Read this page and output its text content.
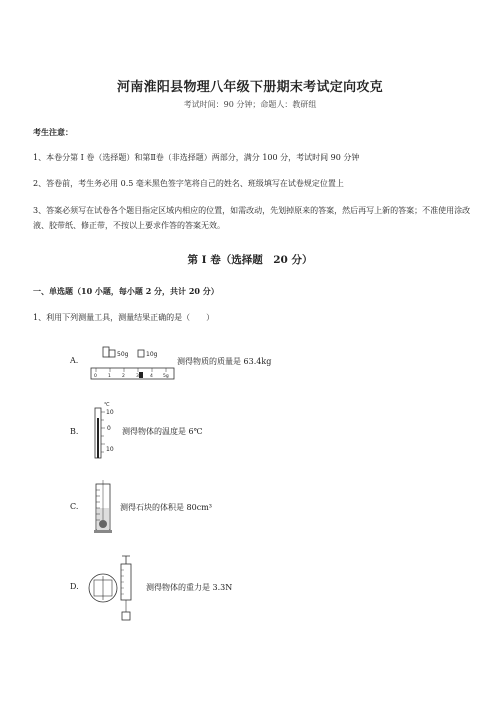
河南淮阳县物理八年级下册期末考试定向攻克
考试时间：90 分钟；命题人：教研组
考生注意：
1、本卷分第 I 卷（选择题）和第Ⅱ卷（非选择题）两部分，满分 100 分，考试时间 90 分钟
2、答卷前，考生务必用 0.5 毫米黑色签字笔将自己的姓名、班级填写在试卷规定位置上
3、答案必须写在试卷各个题目指定区域内相应的位置，如需改动，先划掉原来的答案，然后再写上新的答案；不准使用涂改液、胶带纸、修正带，不按以上要求作答的答案无效。
第 I 卷（选择题　20 分）
一、单选题（10 小题，每小题 2 分，共计 20 分）
1、利用下列测量工具，测量结果正确的是（　　）
A.
50g	10g
0 1 2 3 4 5g
测得物质的质量是 63.4kg
B.
℃
10
0
10
测得物体的温度是 6℃
C.	测得石块的体积是 80cm³
D.	测得物体的重力是 3.3N
